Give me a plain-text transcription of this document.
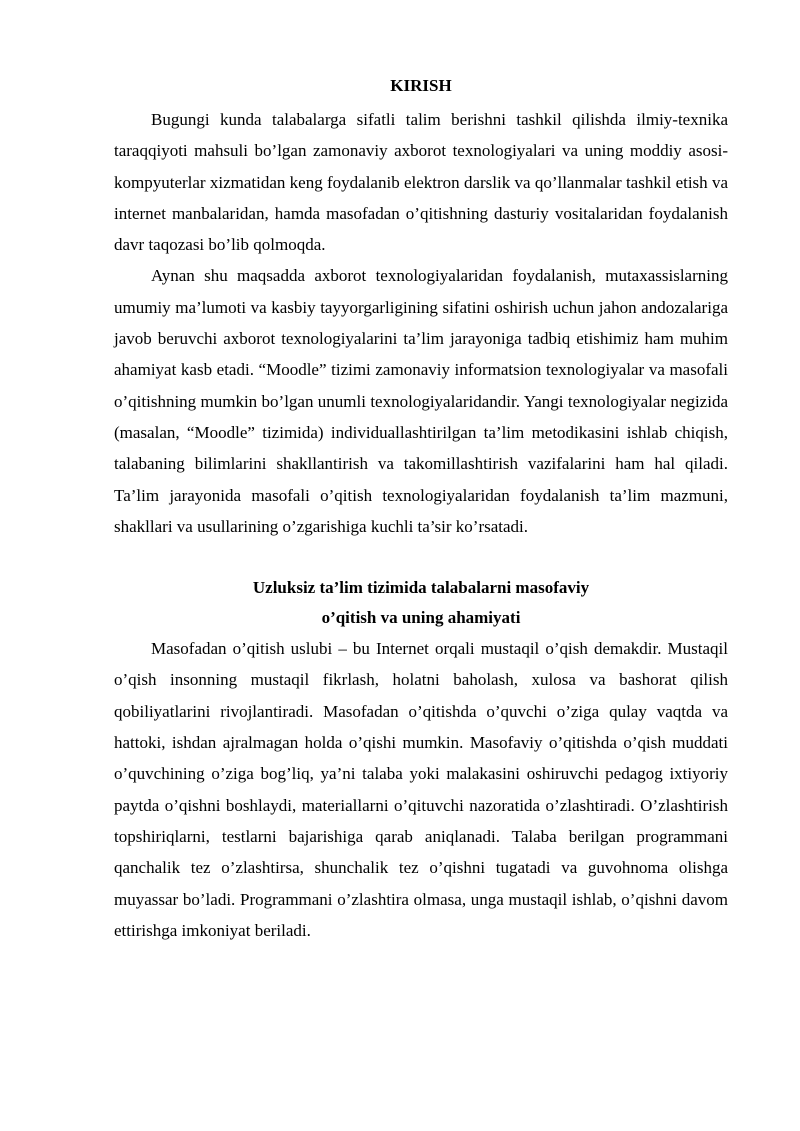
KIRISH

Bugungi kunda talabalarga sifatli talim berishni tashkil qilishda ilmiy-texnika taraqqiyoti mahsuli bo’lgan zamonaviy axborot texnologiyalari va uning moddiy asosi-kompyuterlar xizmatidan keng foydalanib elektron darslik va qo’llanmalar tashkil etish va internet manbalaridan, hamda masofadan o’qitishning dasturiy vositalaridan foydalanish davr taqozasi bo’lib qolmoqda.

Aynan shu maqsadda axborot texnologiyalaridan foydalanish, mutaxassislarning umumiy ma’lumoti va kasbiy tayyorgarligining sifatini oshirish uchun jahon andozalariga javob beruvchi axborot texnologiyalarini ta’lim jarayoniga tadbiq etishimiz ham muhim ahamiyat kasb etadi. “Moodle” tizimi zamonaviy informatsion texnologiyalar va masofali o’qitishning mumkin bo’lgan unumli texnologiyalaridandir. Yangi texnologiyalar negizida (masalan, “Moodle” tizimida) individuallashtirilgan ta’lim metodikasini ishlab chiqish, talabaning bilimlarini shakllantirish va takomillashtirish vazifalarini ham hal qiladi. Ta’lim jarayonida masofali o’qitish texnologiyalaridan foydalanish ta’lim mazmuni, shakllari va usullarining o’zgarishiga kuchli ta’sir ko’rsatadi.

Uzluksiz ta’lim tizimida talabalarni masofaviy
o’qitish va uning ahamiyati

Masofadan o’qitish uslubi – bu Internet orqali mustaqil o’qish demakdir. Mustaqil o’qish insonning mustaqil fikrlash, holatni baholash, xulosa va bashorat qilish qobiliyatlarini rivojlantiradi. Masofadan o’qitishda o’quvchi o’ziga qulay vaqtda va hattoki, ishdan ajralmagan holda o’qishi mumkin. Masofaviy o’qitishda o’qish muddati o’quvchining o’ziga bog’liq, ya’ni talaba yoki malakasini oshiruvchi pedagog ixtiyoriy paytda o’qishni boshlaydi, materiallarni o’qituvchi nazoratida o’zlashtiradi. O’zlashtirish topshiriqlarni, testlarni bajarishiga qarab aniqlanadi. Talaba berilgan programmani qanchalik tez o’zlashtirsa, shunchalik tez o’qishni tugatadi va guvohnoma olishga muyassar bo’ladi. Programmani o’zlashtira olmasa, unga mustaqil ishlab, o’qishni davom ettirishga imkoniyat beriladi.
